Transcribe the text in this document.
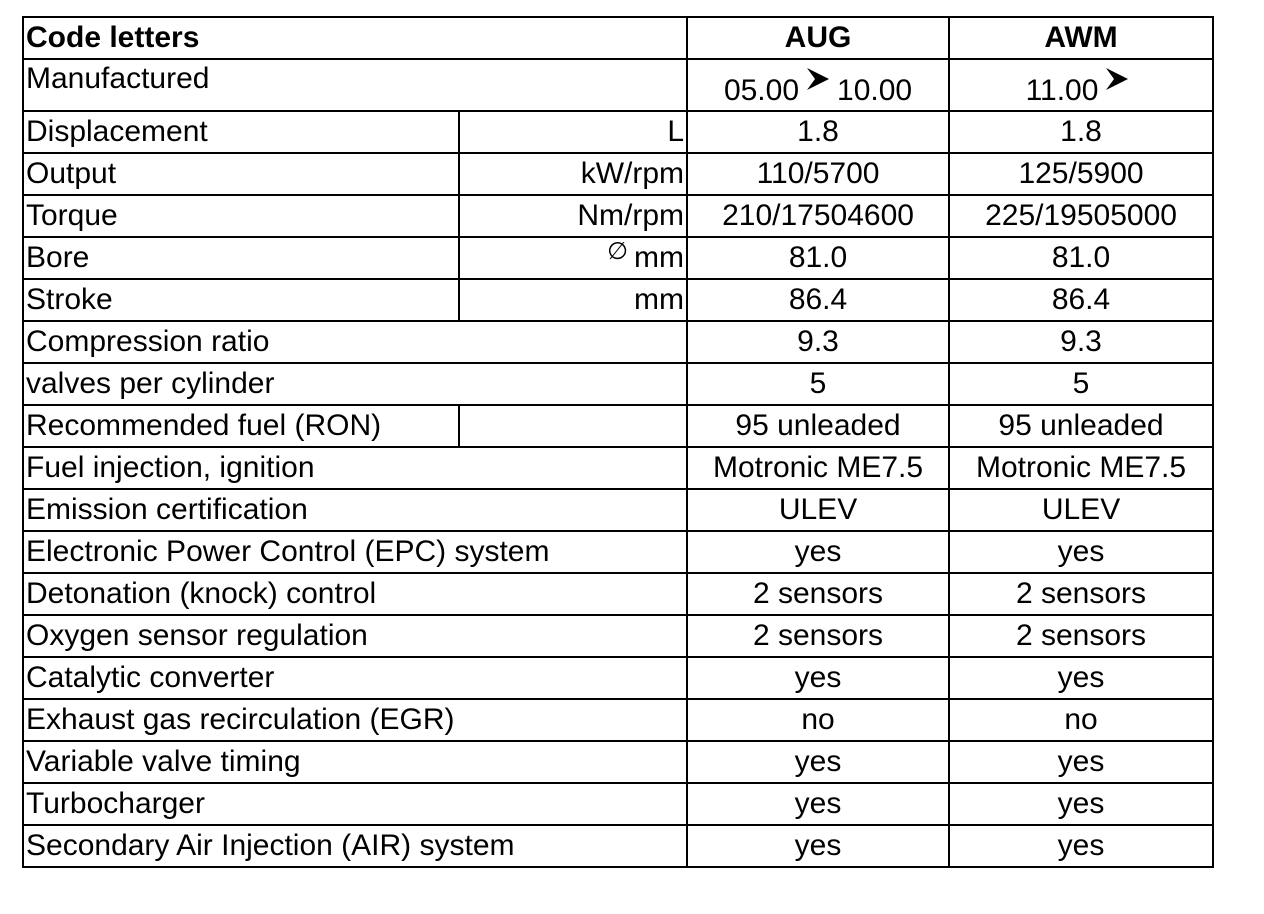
Code letters		AUG	AWM
Manufactured		05.00 10.00	11.00
Displacement	L	1.8	1.8
Output	kW/rpm	110/5700	125/5900
Torque	Nm/rpm	210/17504600	225/19505000
Bore	∅ mm	81.0	81.0
Stroke	mm	86.4	86.4
Compression ratio		9.3	9.3
valves per cylinder		5	5
Recommended fuel (RON)		95 unleaded	95 unleaded
Fuel injection, ignition		Motronic ME7.5	Motronic ME7.5
Emission certification		ULEV	ULEV
Electronic Power Control (EPC) system		yes	yes
Detonation (knock) control		2 sensors	2 sensors
Oxygen sensor regulation		2 sensors	2 sensors
Catalytic converter		yes	yes
Exhaust gas recirculation (EGR)		no	no
Variable valve timing		yes	yes
Turbocharger		yes	yes
Secondary Air Injection (AIR) system		yes	yes
